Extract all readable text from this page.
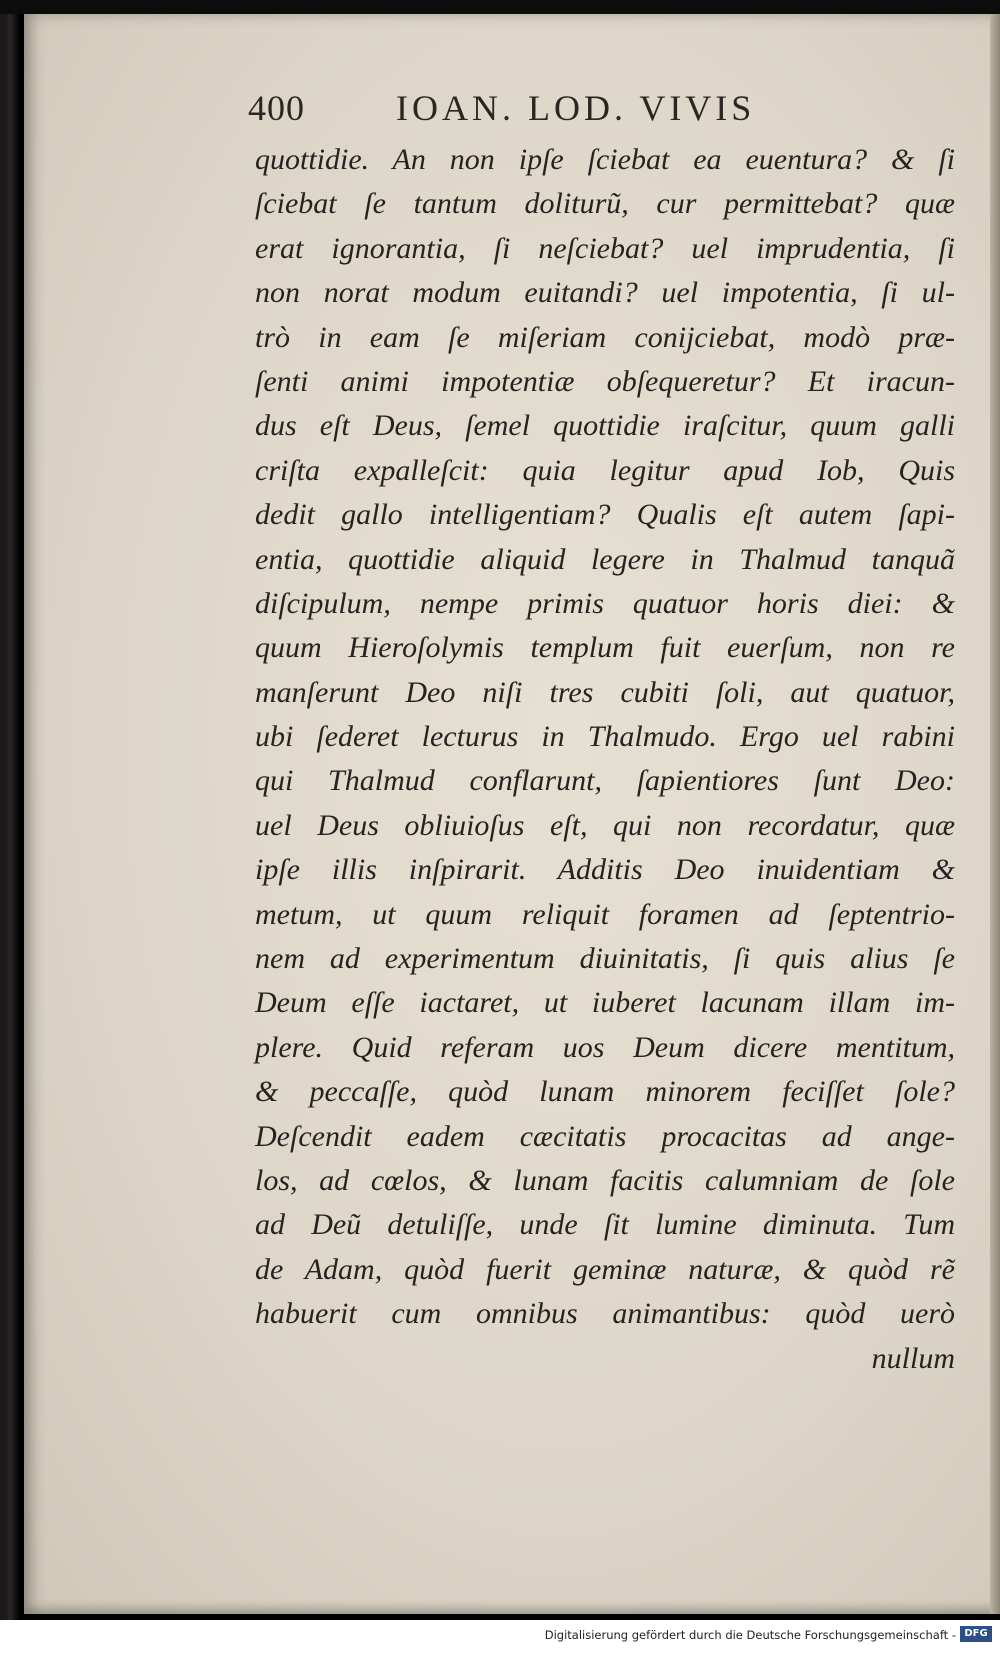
400	IOAN. LOD. VIVIS
quottidie. An non ipſe ſciebat ea euentura? & ſi
ſciebat ſe tantum doliturũ, cur permittebat? quæ
erat ignorantia, ſi neſciebat? uel imprudentia, ſi
non norat modum euitandi? uel impotentia, ſi ul-
trò in eam ſe miſeriam conijciebat, modò præ-
ſenti animi impotentiæ obſequeretur? Et iracun-
dus eſt Deus, ſemel quottidie iraſcitur, quum galli
criſta expalleſcit: quia legitur apud Iob, Quis
dedit gallo intelligentiam? Qualis eſt autem ſapi-
entia, quottidie aliquid legere in Thalmud tanquã
diſcipulum, nempe primis quatuor horis diei: &
quum Hieroſolymis templum fuit euerſum, non re
manſerunt Deo niſi tres cubiti ſoli, aut quatuor,
ubi ſederet lecturus in Thalmudo. Ergo uel rabini
qui Thalmud conflarunt, ſapientiores ſunt Deo:
uel Deus obliuioſus eſt, qui non recordatur, quæ
ipſe illis inſpirarit. Additis Deo inuidentiam &
metum, ut quum reliquit foramen ad ſeptentrio-
nem ad experimentum diuinitatis, ſi quis alius ſe
Deum eſſe iactaret, ut iuberet lacunam illam im-
plere. Quid referam uos Deum dicere mentitum,
& peccaſſe, quòd lunam minorem feciſſet ſole?
Deſcendit eadem cæcitatis procacitas ad ange-
los, ad cœlos, & lunam facitis calumniam de ſole
ad Deũ detuliſſe, unde ſit lumine diminuta. Tum
de Adam, quòd fuerit geminæ naturæ, & quòd rẽ
habuerit cum omnibus animantibus: quòd uerò
nullum
Digitalisierung gefördert durch die Deutsche Forschungsgemeinschaft - DFG
